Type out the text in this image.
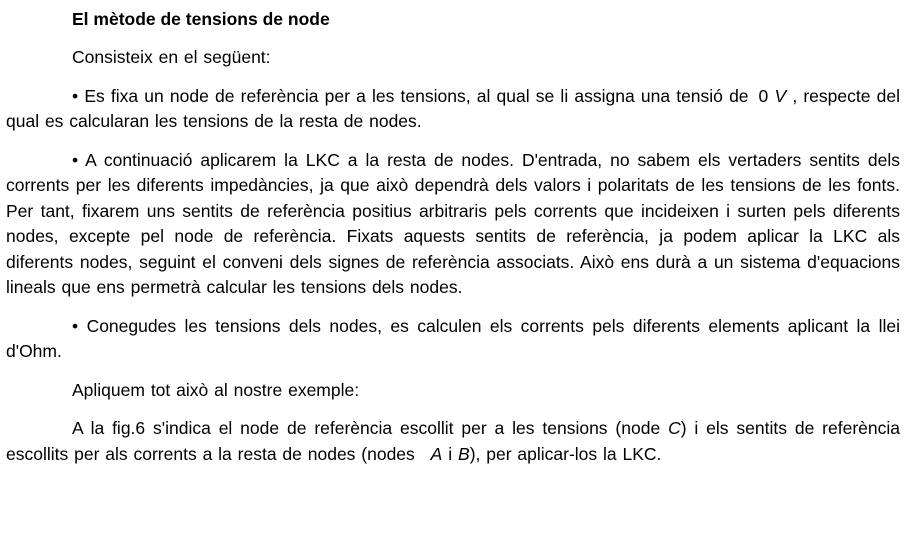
El mètode de tensions de node

Consisteix en el següent:

• Es fixa un node de referència per a les tensions, al qual se li assigna una tensió de 0 V , respecte del qual es calcularan les tensions de la resta de nodes.

• A continuació aplicarem la LKC a la resta de nodes. D'entrada, no sabem els vertaders sentits dels corrents per les diferents impedàncies, ja que això dependrà dels valors i polaritats de les tensions de les fonts. Per tant, fixarem uns sentits de referència positius arbitraris pels corrents que incideixen i surten pels diferents nodes, excepte pel node de referència. Fixats aquests sentits de referència, ja podem aplicar la LKC als diferents nodes, seguint el conveni dels signes de referència associats. Això ens durà a un sistema d'equacions lineals que ens permetrà calcular les tensions dels nodes.

• Conegudes les tensions dels nodes, es calculen els corrents pels diferents elements aplicant la llei d'Ohm.

Apliquem tot això al nostre exemple:

A la fig.6 s'indica el node de referència escollit per a les tensions (node C) i els sentits de referència escollits per als corrents a la resta de nodes (nodes A i B), per aplicar-los la LKC.
